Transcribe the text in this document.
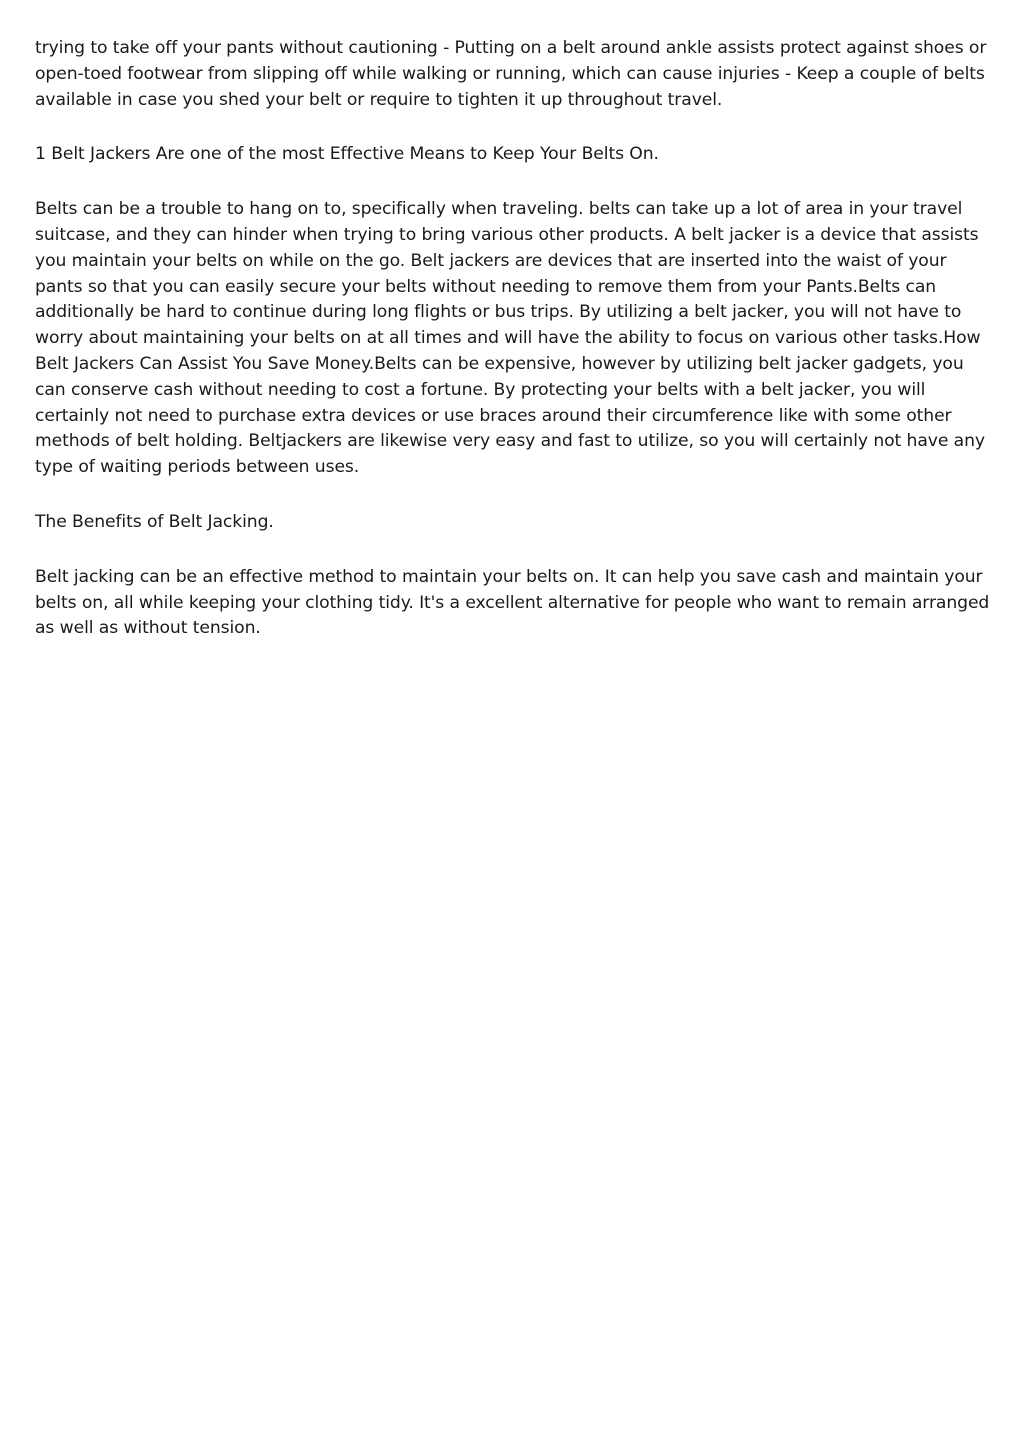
trying to take off your pants without cautioning - Putting on a belt around ankle assists protect against shoes or open-toed footwear from slipping off while walking or running, which can cause injuries - Keep a couple of belts available in case you shed your belt or require to tighten it up throughout travel.

1 Belt Jackers Are one of the most Effective Means to Keep Your Belts On.

Belts can be a trouble to hang on to, specifically when traveling. belts can take up a lot of area in your travel suitcase, and they can hinder when trying to bring various other products. A belt jacker is a device that assists you maintain your belts on while on the go. Belt jackers are devices that are inserted into the waist of your pants so that you can easily secure your belts without needing to remove them from your Pants.Belts can additionally be hard to continue during long flights or bus trips. By utilizing a belt jacker, you will not have to worry about maintaining your belts on at all times and will have the ability to focus on various other tasks.How Belt Jackers Can Assist You Save Money.Belts can be expensive, however by utilizing belt jacker gadgets, you can conserve cash without needing to cost a fortune. By protecting your belts with a belt jacker, you will certainly not need to purchase extra devices or use braces around their circumference like with some other methods of belt holding. Beltjackers are likewise very easy and fast to utilize, so you will certainly not have any type of waiting periods between uses.

The Benefits of Belt Jacking.

Belt jacking can be an effective method to maintain your belts on. It can help you save cash and maintain your belts on, all while keeping your clothing tidy. It's a excellent alternative for people who want to remain arranged as well as without tension.
